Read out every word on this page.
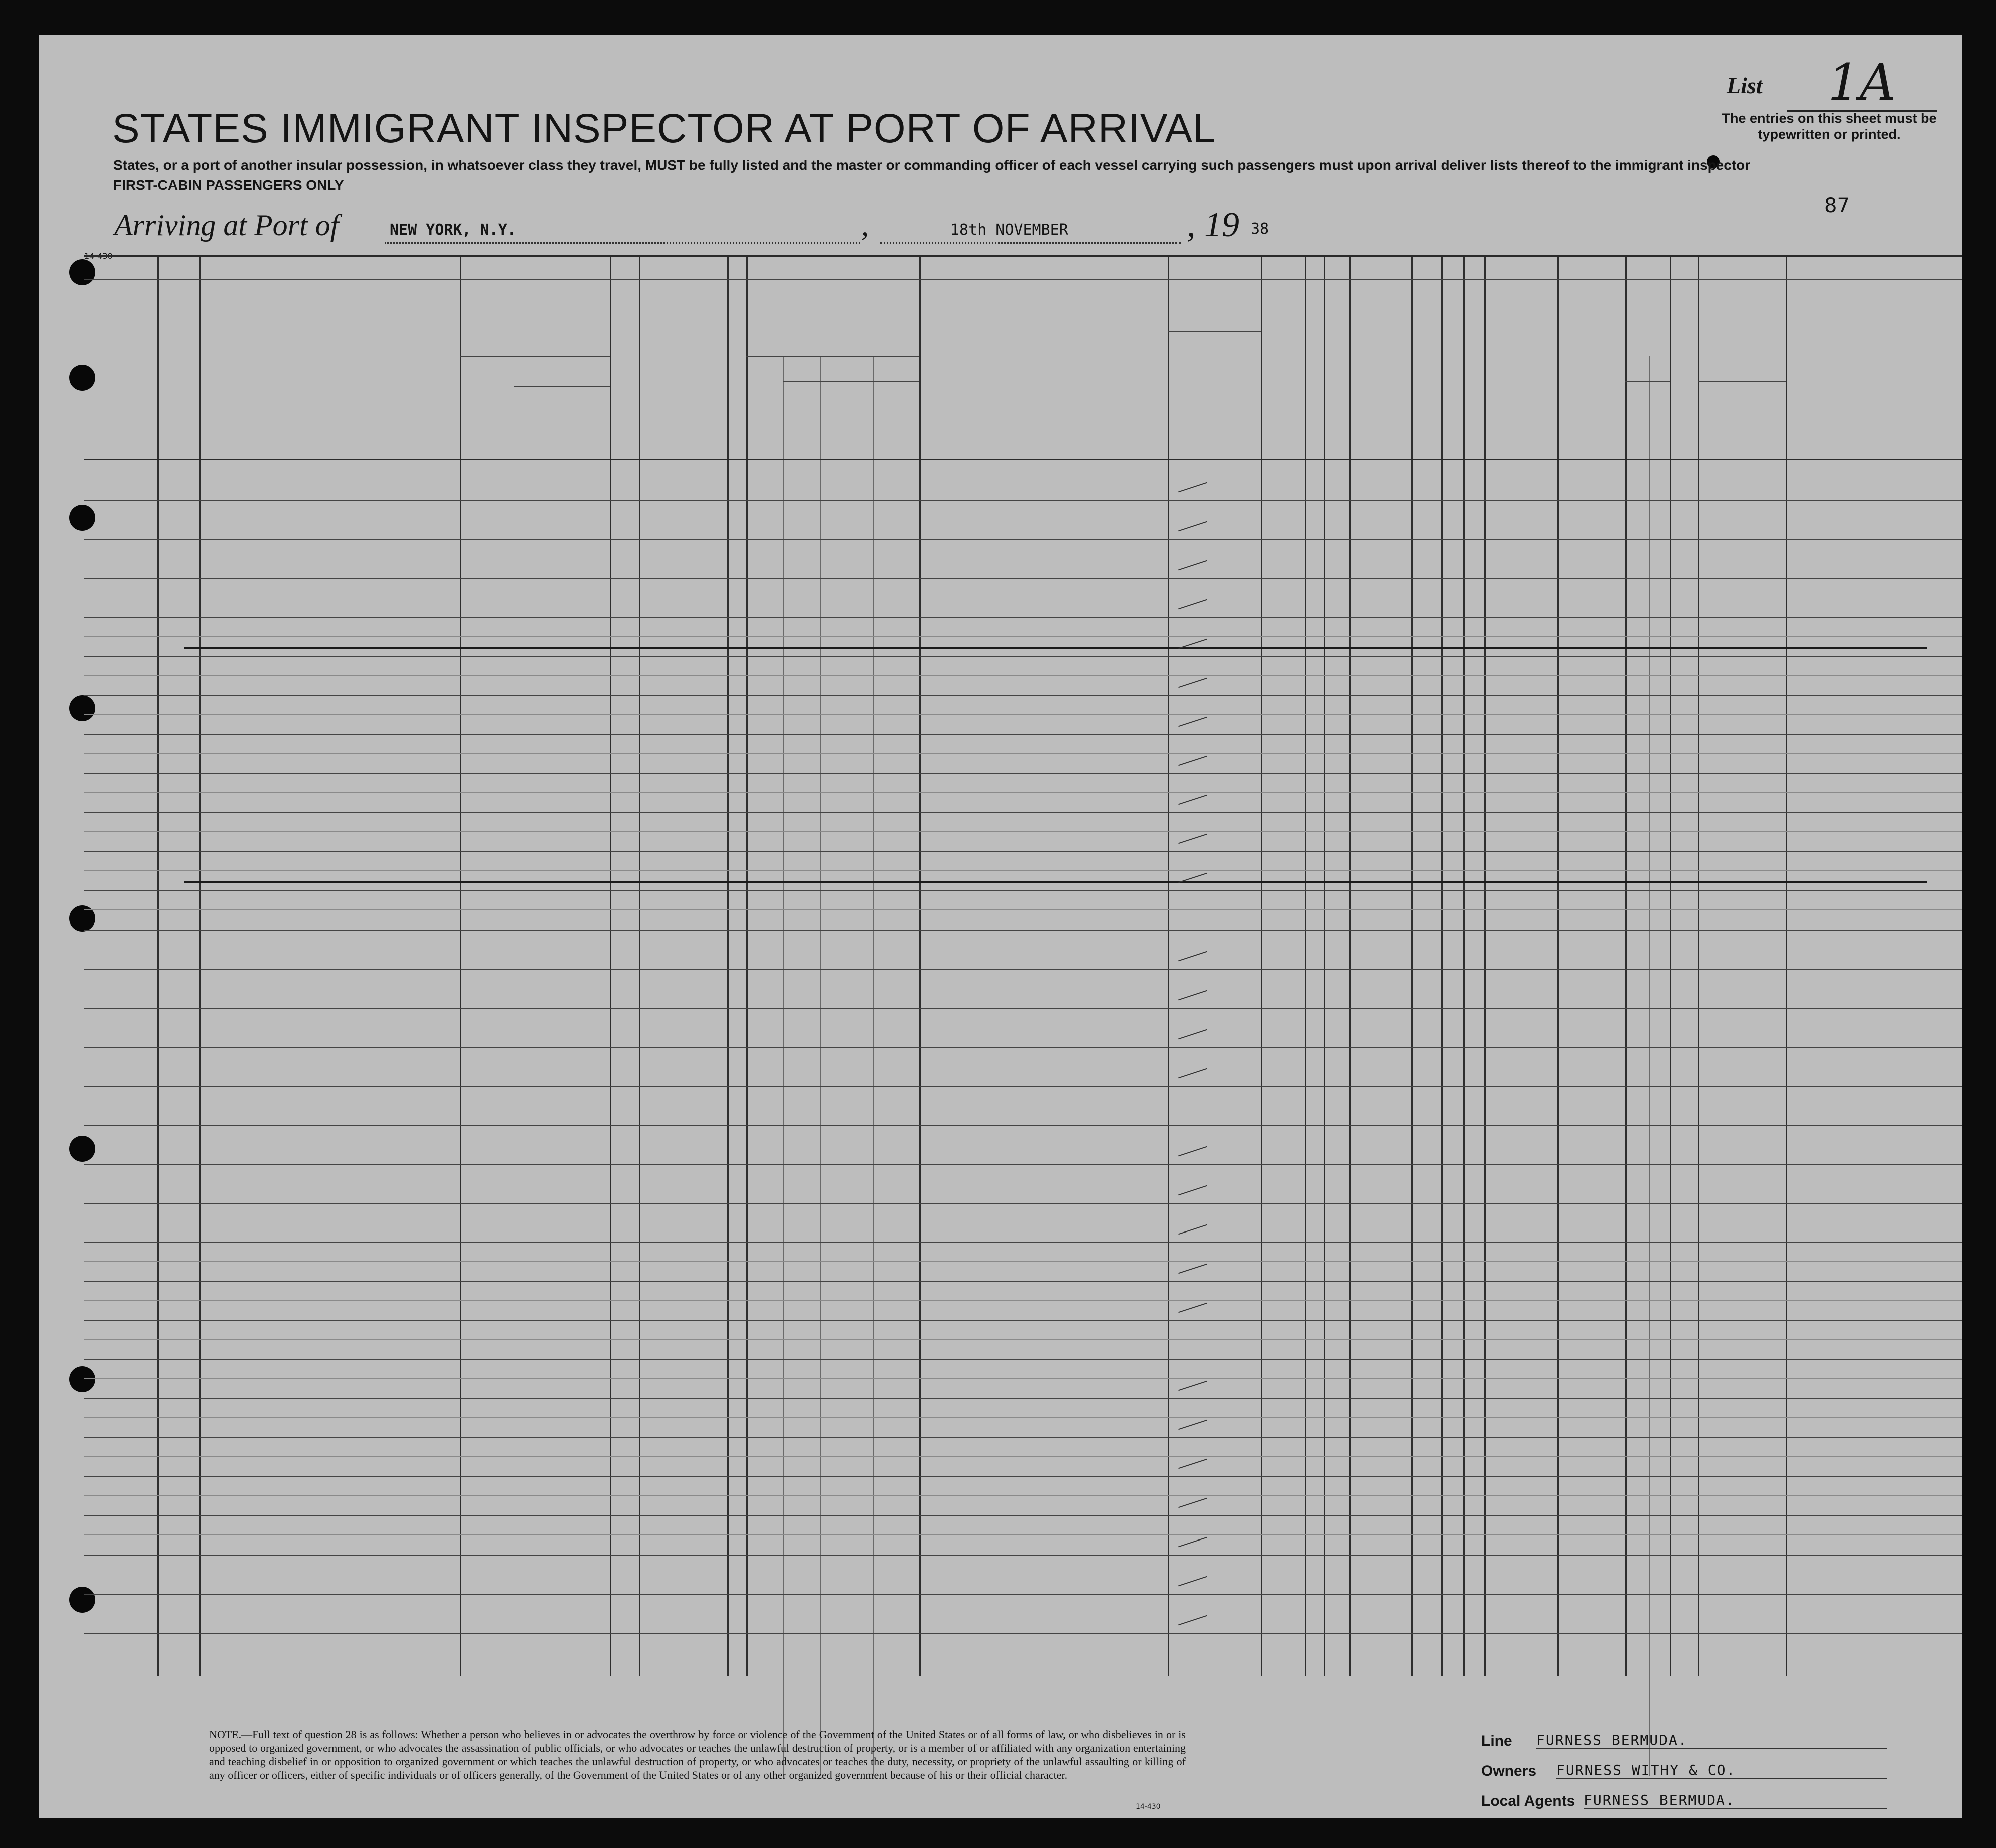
List	1A
STATES IMMIGRANT INSPECTOR AT PORT OF ARRIVAL	The entries on this sheet must be typewritten or printed.
States, or a port of another insular possession, in whatsoever class they travel, MUST be fully listed and the master or commanding officer of each vessel carrying such passengers must upon arrival deliver lists thereof to the immigrant inspector
FIRST-CABIN PASSENGERS ONLY
87
Arriving at Port of	NEW YORK, N.Y.	,	18th NOVEMBER	, 19 38
14-430
NOTE.—Full text of question 28 is as follows: Whether a person who believes in or advocates the overthrow by force or violence of the Government of the United States or of all forms of law, or who disbelieves in or is opposed to organized government, or who advocates the assassination of public officials, or who advocates or teaches the unlawful destruction of property, or is a member of or affiliated with any organization entertaining and teaching disbelief in or opposition to organized government or which teaches the unlawful destruction of property, or who advocates or teaches the duty, necessity, or propriety of the unlawful assaulting or killing of any officer or officers, either of specific individuals or of officers generally, of the Government of the United States or of any other organized government because of his or their official character.
Line FURNESS BERMUDA.
Owners FURNESS WITHY & CO.
Local Agents FURNESS BERMUDA.
14-430
